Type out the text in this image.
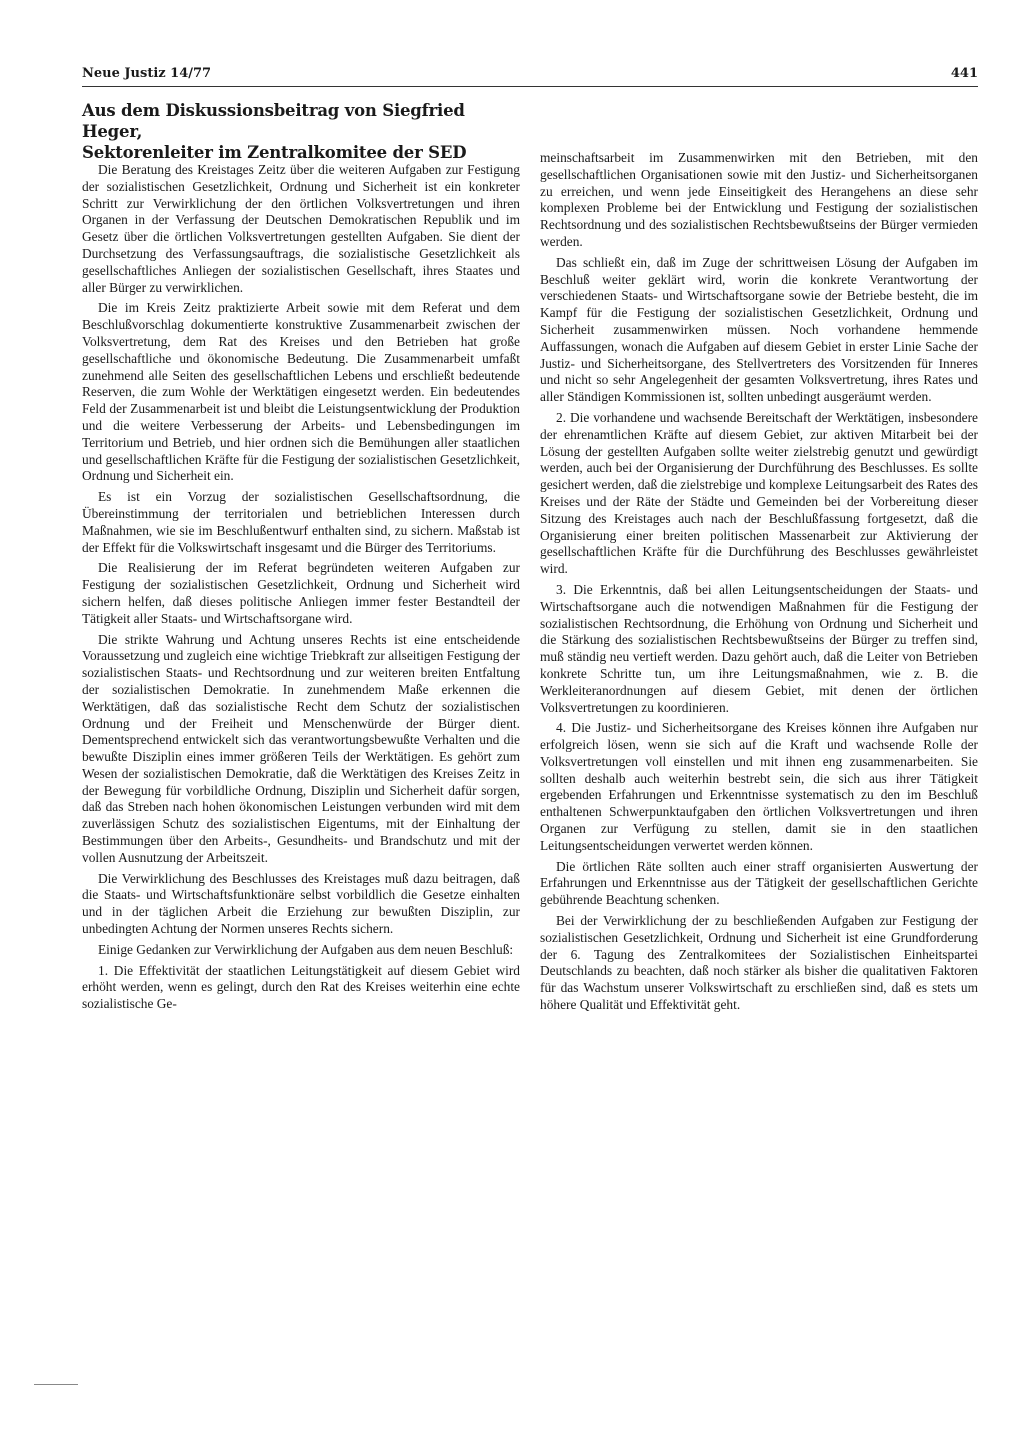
Neue Justiz 14/77	441
Aus dem Diskussionsbeitrag von Siegfried Heger,
Sektorenleiter im Zentralkomitee der SED

Die Beratung des Kreistages Zeitz über die weiteren Aufgaben zur Festigung der sozialistischen Gesetzlichkeit, Ordnung und Sicherheit ist ein konkreter Schritt zur Verwirklichung der den örtlichen Volksvertretungen und ihren Organen in der Verfassung der Deutschen Demokratischen Republik und im Gesetz über die örtlichen Volksvertretungen gestellten Aufgaben. Sie dient der Durchsetzung des Verfassungsauftrags, die sozialistische Gesetzlichkeit als gesellschaftliches Anliegen der sozialistischen Gesellschaft, ihres Staates und aller Bürger zu verwirklichen.

Die im Kreis Zeitz praktizierte Arbeit sowie mit dem Referat und dem Beschlußvorschlag dokumentierte konstruktive Zusammenarbeit zwischen der Volksvertretung, dem Rat des Kreises und den Betrieben hat große gesellschaftliche und ökonomische Bedeutung. Die Zusammenarbeit umfaßt zunehmend alle Seiten des gesellschaftlichen Lebens und erschließt bedeutende Reserven, die zum Wohle der Werktätigen eingesetzt werden. Ein bedeutendes Feld der Zusammenarbeit ist und bleibt die Leistungsentwicklung der Produktion und die weitere Verbesserung der Arbeits- und Lebensbedingungen im Territorium und Betrieb, und hier ordnen sich die Bemühungen aller staatlichen und gesellschaftlichen Kräfte für die Festigung der sozialistischen Gesetzlichkeit, Ordnung und Sicherheit ein.

Es ist ein Vorzug der sozialistischen Gesellschaftsordnung, die Übereinstimmung der territorialen und betrieblichen Interessen durch Maßnahmen, wie sie im Beschlußentwurf enthalten sind, zu sichern. Maßstab ist der Effekt für die Volkswirtschaft insgesamt und die Bürger des Territoriums.

Die Realisierung der im Referat begründeten weiteren Aufgaben zur Festigung der sozialistischen Gesetzlichkeit, Ordnung und Sicherheit wird sichern helfen, daß dieses politische Anliegen immer fester Bestandteil der Tätigkeit aller Staats- und Wirtschaftsorgane wird.

Die strikte Wahrung und Achtung unseres Rechts ist eine entscheidende Voraussetzung und zugleich eine wichtige Triebkraft zur allseitigen Festigung der sozialistischen Staats- und Rechtsordnung und zur weiteren breiten Entfaltung der sozialistischen Demokratie. In zunehmendem Maße erkennen die Werktätigen, daß das sozialistische Recht dem Schutz der sozialistischen Ordnung und der Freiheit und Menschenwürde der Bürger dient. Dementsprechend entwickelt sich das verantwortungsbewußte Verhalten und die bewußte Disziplin eines immer größeren Teils der Werktätigen. Es gehört zum Wesen der sozialistischen Demokratie, daß die Werktätigen des Kreises Zeitz in der Bewegung für vorbildliche Ordnung, Disziplin und Sicherheit dafür sorgen, daß das Streben nach hohen ökonomischen Leistungen verbunden wird mit dem zuverlässigen Schutz des sozialistischen Eigentums, mit der Einhaltung der Bestimmungen über den Arbeits-, Gesundheits- und Brandschutz und mit der vollen Ausnutzung der Arbeitszeit.

Die Verwirklichung des Beschlusses des Kreistages muß dazu beitragen, daß die Staats- und Wirtschaftsfunktionäre selbst vorbildlich die Gesetze einhalten und in der täglichen Arbeit die Erziehung zur bewußten Disziplin, zur unbedingten Achtung der Normen unseres Rechts sichern.

Einige Gedanken zur Verwirklichung der Aufgaben aus dem neuen Beschluß:

1. Die Effektivität der staatlichen Leitungstätigkeit auf diesem Gebiet wird erhöht werden, wenn es gelingt, durch den Rat des Kreises weiterhin eine echte sozialistische Ge-

meinschaftsarbeit im Zusammenwirken mit den Betrieben, mit den gesellschaftlichen Organisationen sowie mit den Justiz- und Sicherheitsorganen zu erreichen, und wenn jede Einseitigkeit des Herangehens an diese sehr komplexen Probleme bei der Entwicklung und Festigung der sozialistischen Rechtsordnung und des sozialistischen Rechtsbewußtseins der Bürger vermieden werden.

Das schließt ein, daß im Zuge der schrittweisen Lösung der Aufgaben im Beschluß weiter geklärt wird, worin die konkrete Verantwortung der verschiedenen Staats- und Wirtschaftsorgane sowie der Betriebe besteht, die im Kampf für die Festigung der sozialistischen Gesetzlichkeit, Ordnung und Sicherheit zusammenwirken müssen. Noch vorhandene hemmende Auffassungen, wonach die Aufgaben auf diesem Gebiet in erster Linie Sache der Justiz- und Sicherheitsorgane, des Stellvertreters des Vorsitzenden für Inneres und nicht so sehr Angelegenheit der gesamten Volksvertretung, ihres Rates und aller Ständigen Kommissionen ist, sollten unbedingt ausgeräumt werden.

2. Die vorhandene und wachsende Bereitschaft der Werktätigen, insbesondere der ehrenamtlichen Kräfte auf diesem Gebiet, zur aktiven Mitarbeit bei der Lösung der gestellten Aufgaben sollte weiter zielstrebig genutzt und gewürdigt werden, auch bei der Organisierung der Durchführung des Beschlusses. Es sollte gesichert werden, daß die zielstrebige und komplexe Leitungsarbeit des Rates des Kreises und der Räte der Städte und Gemeinden bei der Vorbereitung dieser Sitzung des Kreistages auch nach der Beschlußfassung fortgesetzt, daß die Organisierung einer breiten politischen Massenarbeit zur Aktivierung der gesellschaftlichen Kräfte für die Durchführung des Beschlusses gewährleistet wird.

3. Die Erkenntnis, daß bei allen Leitungsentscheidungen der Staats- und Wirtschaftsorgane auch die notwendigen Maßnahmen für die Festigung der sozialistischen Rechtsordnung, die Erhöhung von Ordnung und Sicherheit und die Stärkung des sozialistischen Rechtsbewußtseins der Bürger zu treffen sind, muß ständig neu vertieft werden. Dazu gehört auch, daß die Leiter von Betrieben konkrete Schritte tun, um ihre Leitungsmaßnahmen, wie z. B. die Werkleiteranordnungen auf diesem Gebiet, mit denen der örtlichen Volksvertretungen zu koordinieren.

4. Die Justiz- und Sicherheitsorgane des Kreises können ihre Aufgaben nur erfolgreich lösen, wenn sie sich auf die Kraft und wachsende Rolle der Volksvertretungen voll einstellen und mit ihnen eng zusammenarbeiten. Sie sollten deshalb auch weiterhin bestrebt sein, die sich aus ihrer Tätigkeit ergebenden Erfahrungen und Erkenntnisse systematisch zu den im Beschluß enthaltenen Schwerpunktaufgaben den örtlichen Volksvertretungen und ihren Organen zur Verfügung zu stellen, damit sie in den staatlichen Leitungsentscheidungen verwertet werden können.

Die örtlichen Räte sollten auch einer straff organisierten Auswertung der Erfahrungen und Erkenntnisse aus der Tätigkeit der gesellschaftlichen Gerichte gebührende Beachtung schenken.

Bei der Verwirklichung der zu beschließenden Aufgaben zur Festigung der sozialistischen Gesetzlichkeit, Ordnung und Sicherheit ist eine Grundforderung der 6. Tagung des Zentralkomitees der Sozialistischen Einheitspartei Deutschlands zu beachten, daß noch stärker als bisher die qualitativen Faktoren für das Wachstum unserer Volkswirtschaft zu erschließen sind, daß es stets um höhere Qualität und Effektivität geht.
